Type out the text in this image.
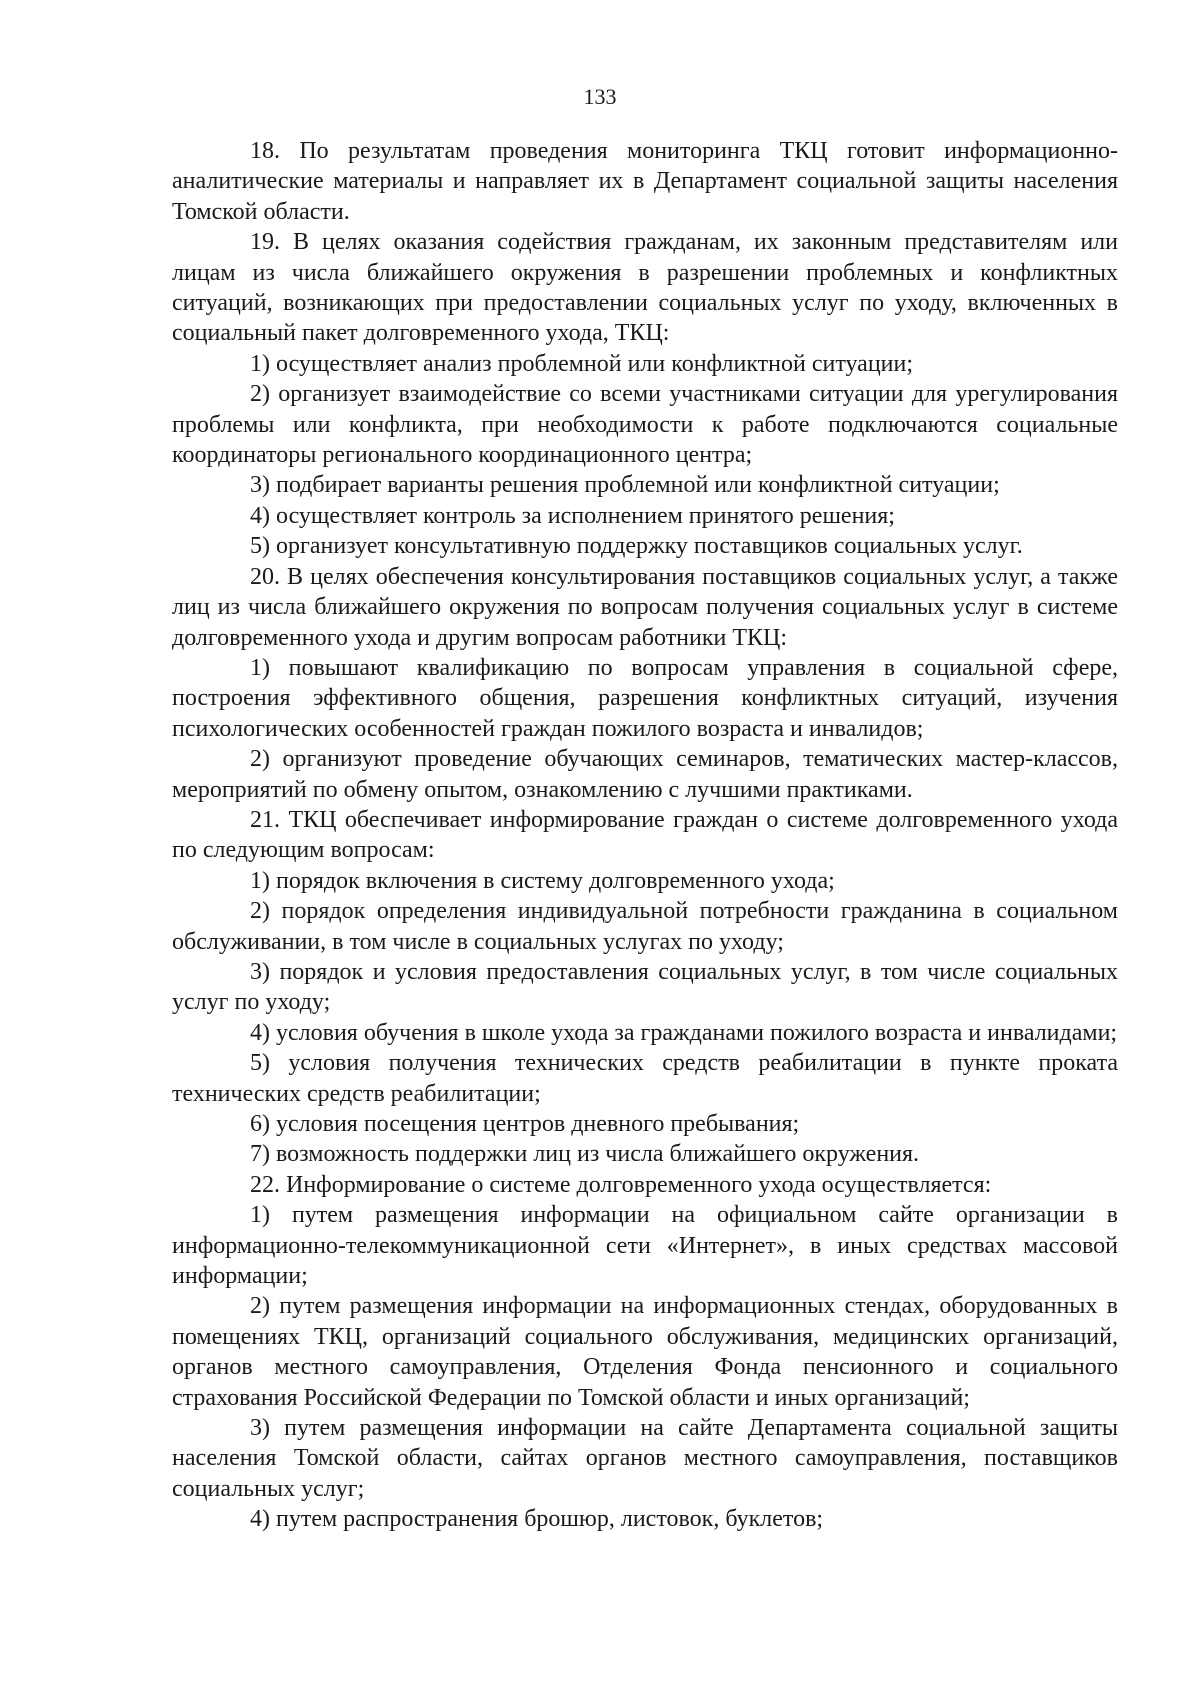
133

18. По результатам проведения мониторинга ТКЦ готовит информационно-аналитические материалы и направляет их в Департамент социальной защиты населения Томской области.

19. В целях оказания содействия гражданам, их законным представителям или лицам из числа ближайшего окружения в разрешении проблемных и конфликтных ситуаций, возникающих при предоставлении социальных услуг по уходу, включенных в социальный пакет долговременного ухода, ТКЦ:

1) осуществляет анализ проблемной или конфликтной ситуации;

2) организует взаимодействие со всеми участниками ситуации для урегулирования проблемы или конфликта, при необходимости к работе подключаются социальные координаторы регионального координационного центра;

3) подбирает варианты решения проблемной или конфликтной ситуации;

4) осуществляет контроль за исполнением принятого решения;

5) организует консультативную поддержку поставщиков социальных услуг.

20. В целях обеспечения консультирования поставщиков социальных услуг, а также лиц из числа ближайшего окружения по вопросам получения социальных услуг в системе долговременного ухода и другим вопросам работники ТКЦ:

1) повышают квалификацию по вопросам управления в социальной сфере, построения эффективного общения, разрешения конфликтных ситуаций, изучения психологических особенностей граждан пожилого возраста и инвалидов;

2) организуют проведение обучающих семинаров, тематических мастер-классов, мероприятий по обмену опытом, ознакомлению с лучшими практиками.

21. ТКЦ обеспечивает информирование граждан о системе долговременного ухода по следующим вопросам:

1) порядок включения в систему долговременного ухода;

2) порядок определения индивидуальной потребности гражданина в социальном обслуживании, в том числе в социальных услугах по уходу;

3) порядок и условия предоставления социальных услуг, в том числе социальных услуг по уходу;

4) условия обучения в школе ухода за гражданами пожилого возраста и инвалидами;

5) условия получения технических средств реабилитации в пункте проката технических средств реабилитации;

6) условия посещения центров дневного пребывания;

7) возможность поддержки лиц из числа ближайшего окружения.

22. Информирование о системе долговременного ухода осуществляется:

1) путем размещения информации на официальном сайте организации в информационно-телекоммуникационной сети «Интернет», в иных средствах массовой информации;

2) путем размещения информации на информационных стендах, оборудованных в помещениях ТКЦ, организаций социального обслуживания, медицинских организаций, органов местного самоуправления, Отделения Фонда пенсионного и социального страхования Российской Федерации по Томской области и иных организаций;

3) путем размещения информации на сайте Департамента социальной защиты населения Томской области, сайтах органов местного самоуправления, поставщиков социальных услуг;

4) путем распространения брошюр, листовок, буклетов;
